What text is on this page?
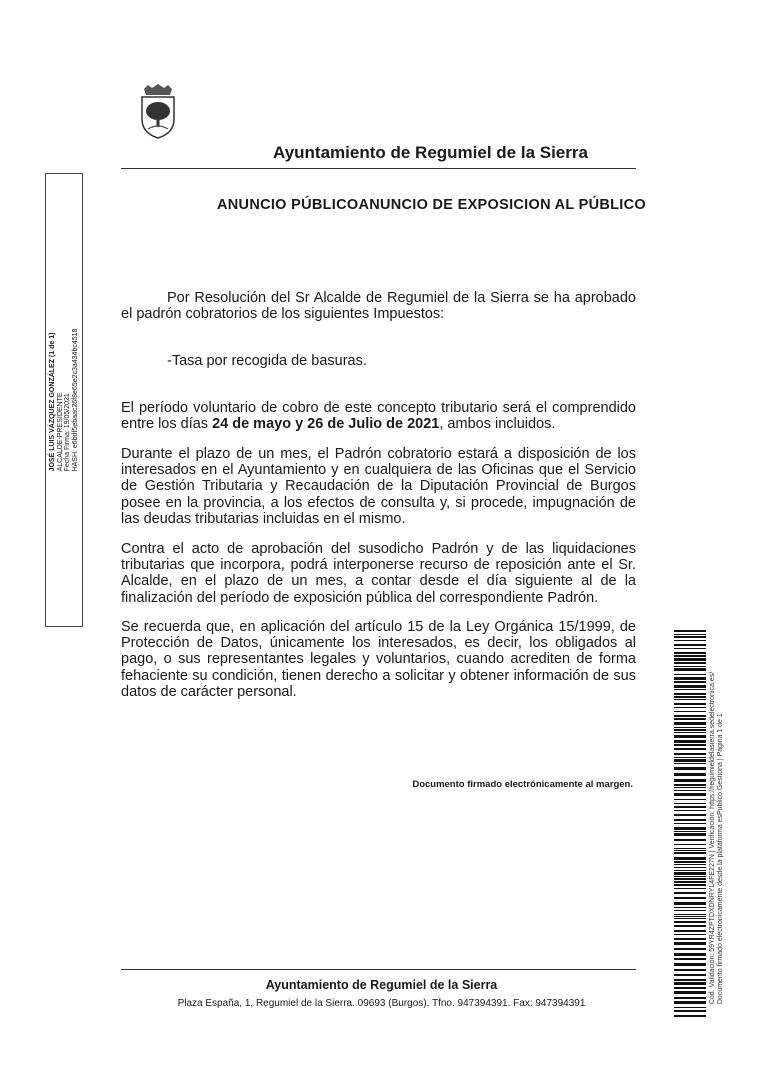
Ayuntamiento de Regumiel de la Sierra
ANUNCIO PÚBLICOANUNCIO DE EXPOSICION AL PÚBLICO

Por Resolución del Sr Alcalde de Regumiel de la Sierra se ha aprobado el padrón cobratorios de los siguientes Impuestos:

-Tasa por recogida de basuras.

El período voluntario de cobro de este concepto tributario será el comprendido entre los días 24 de mayo y 26 de Julio de 2021, ambos incluidos.

Durante el plazo de un mes, el Padrón cobratorio estará a disposición de los interesados en el Ayuntamiento y en cualquiera de las Oficinas que el Servicio de Gestión Tributaria y Recaudación de la Diputación Provincial de Burgos posee en la provincia, a los efectos de consulta y, si procede, impugnación de las deudas tributarias incluidas en el mismo.

Contra el acto de aprobación del susodicho Padrón y de las liquidaciones tributarias que incorpora, podrá interponerse recurso de reposición ante el Sr. Alcalde, en el plazo de un mes, a contar desde el día siguiente al de la finalización del período de exposición pública del correspondiente Padrón.

Se recuerda que, en aplicación del artículo 15 de la Ley Orgánica 15/1999, de Protección de Datos, únicamente los interesados, es decir, los obligados al pago, o sus representantes legales y voluntarios, cuando acrediten de forma fehaciente su condición, tienen derecho a solicitar y obtener información de sus datos de carácter personal.

Documento firmado electrónicamente al margen.
Ayuntamiento de Regumiel de la Sierra
Plaza España, 1, Regumiel de la Sierra. 09693 (Burgos). Tfno. 947394391. Fax: 947394391
JOSÉ LUIS VÁZQUEZ GONZÁLEZ (1 de 1) ALCALDE-PRESIDENTE Fecha Firma: 19/05/2021 HASH: e6bdf5ebaac26f8e65e2c3a434bc4518
Cód. Validación: 59YR4ZPTDXDNRYL4FE227N | Verificación: https://regumieldelasierra.sedelectronica.es/ Documento firmado electrónicamente desde la plataforma esPublico Gestiona | Página 1 de 1
